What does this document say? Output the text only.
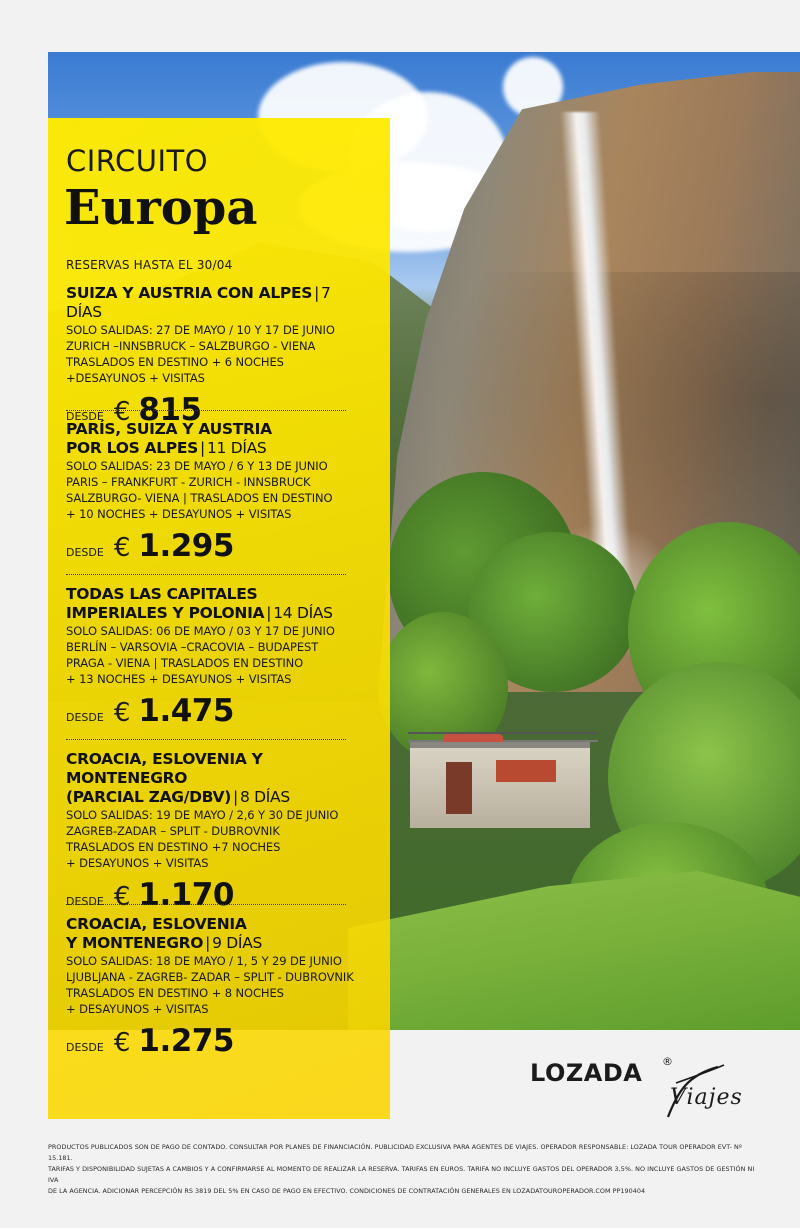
CIRCUITO
Europa
RESERVAS HASTA EL 30/04

SUIZA Y AUSTRIA CON ALPES | 7 DÍAS

SOLO SALIDAS: 27 DE MAYO / 10 Y 17 DE JUNIO

ZURICH –INNSBRUCK – SALZBURGO - VIENA

TRASLADOS EN DESTINO + 6 NOCHES

+DESAYUNOS + VISITAS

DESDE € 815

PARÍS, SUIZA Y AUSTRIA

POR LOS ALPES | 11 DÍAS

SOLO SALIDAS: 23 DE MAYO / 6 Y 13 DE JUNIO

PARIS – FRANKFURT - ZURICH - INNSBRUCK

SALZBURGO- VIENA | TRASLADOS EN DESTINO

+ 10 NOCHES + DESAYUNOS + VISITAS

DESDE € 1.295

TODAS LAS CAPITALES

IMPERIALES Y POLONIA | 14 DÍAS

SOLO SALIDAS: 06 DE MAYO / 03 Y 17 DE JUNIO

BERLÍN – VARSOVIA –CRACOVIA – BUDAPEST

PRAGA - VIENA | TRASLADOS EN DESTINO

+ 13 NOCHES + DESAYUNOS + VISITAS

DESDE € 1.475

CROACIA, ESLOVENIA Y MONTENEGRO

(PARCIAL ZAG/DBV) | 8 DÍAS

SOLO SALIDAS: 19 DE MAYO / 2,6 Y 30 DE JUNIO

ZAGREB-ZADAR – SPLIT - DUBROVNIK

TRASLADOS EN DESTINO +7 NOCHES

+ DESAYUNOS + VISITAS

DESDE € 1.170

CROACIA, ESLOVENIA

Y MONTENEGRO | 9 DÍAS

SOLO SALIDAS: 18 DE MAYO / 1, 5 Y 29 DE JUNIO

LJUBLJANA - ZAGREB- ZADAR – SPLIT - DUBROVNIK

TRASLADOS EN DESTINO + 8 NOCHES

+ DESAYUNOS + VISITAS

DESDE € 1.275
LOZADA ®
Viajes
PRODUCTOS PUBLICADOS SON DE PAGO DE CONTADO. CONSULTAR POR PLANES DE FINANCIACIÓN. PUBLICIDAD EXCLUSIVA PARA AGENTES DE VIAJES. OPERADOR RESPONSABLE: LOZADA TOUR OPERADOR EVT- Nº 15.181.
TARIFAS Y DISPONIBILIDAD SUJETAS A CAMBIOS Y A CONFIRMARSE AL MOMENTO DE REALIZAR LA RESERVA. TARIFAS EN EUROS. TARIFA NO INCLUYE GASTOS DEL OPERADOR 3,5%. NO INCLUYE GASTOS DE GESTIÓN NI IVA
DE LA AGENCIA. ADICIONAR PERCEPCIÓN RS 3819 DEL 5% EN CASO DE PAGO EN EFECTIVO. CONDICIONES DE CONTRATACIÓN GENERALES EN LOZADATOUROPERADOR.COM PP190404
